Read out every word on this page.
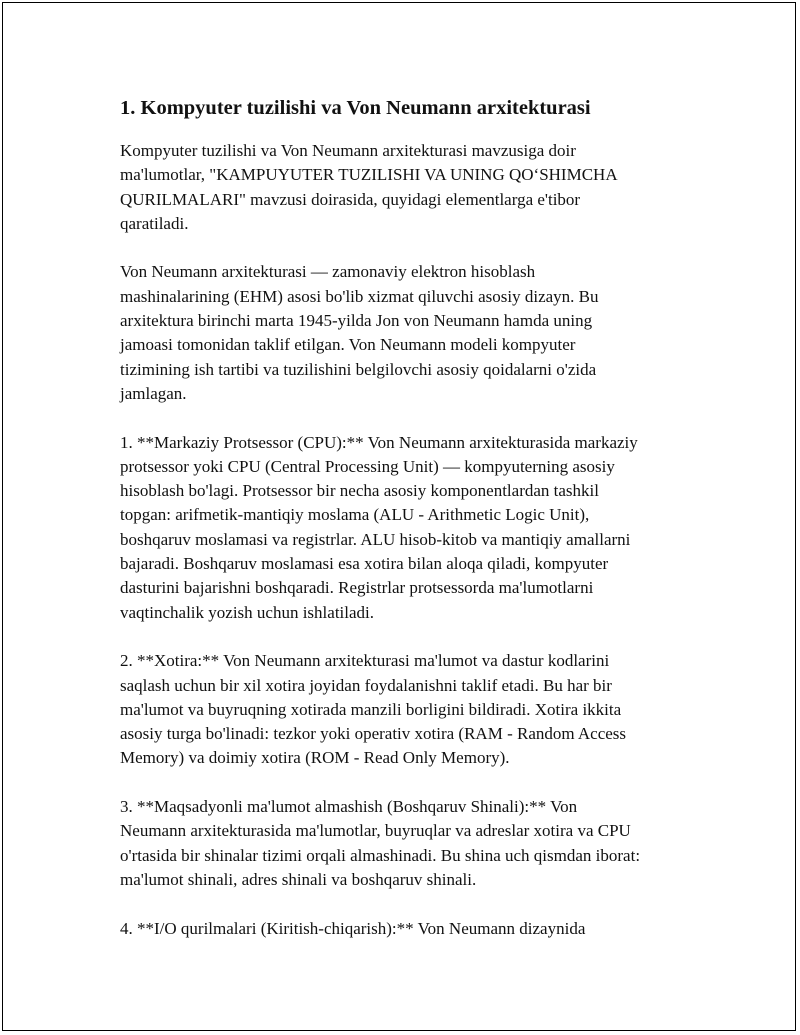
1. Kompyuter tuzilishi va Von Neumann arxitekturasi

Kompyuter tuzilishi va Von Neumann arxitekturasi mavzusiga doir
ma'lumotlar, "KAMPUYUTER TUZILISHI VA UNING QO‘SHIMCHA
QURILMALARI" mavzusi doirasida, quyidagi elementlarga e'tibor
qaratiladi.

Von Neumann arxitekturasi — zamonaviy elektron hisoblash
mashinalarining (EHM) asosi bo'lib xizmat qiluvchi asosiy dizayn. Bu
arxitektura birinchi marta 1945-yilda Jon von Neumann hamda uning
jamoasi tomonidan taklif etilgan. Von Neumann modeli kompyuter
tizimining ish tartibi va tuzilishini belgilovchi asosiy qoidalarni o'zida
jamlagan.

1. **Markaziy Protsessor (CPU):** Von Neumann arxitekturasida markaziy
protsessor yoki CPU (Central Processing Unit) — kompyuterning asosiy
hisoblash bo'lagi. Protsessor bir necha asosiy komponentlardan tashkil
topgan: arifmetik-mantiqiy moslama (ALU - Arithmetic Logic Unit),
boshqaruv moslamasi va registrlar. ALU hisob-kitob va mantiqiy amallarni
bajaradi. Boshqaruv moslamasi esa xotira bilan aloqa qiladi, kompyuter
dasturini bajarishni boshqaradi. Registrlar protsessorda ma'lumotlarni
vaqtinchalik yozish uchun ishlatiladi.

2. **Xotira:** Von Neumann arxitekturasi ma'lumot va dastur kodlarini
saqlash uchun bir xil xotira joyidan foydalanishni taklif etadi. Bu har bir
ma'lumot va buyruqning xotirada manzili borligini bildiradi. Xotira ikkita
asosiy turga bo'linadi: tezkor yoki operativ xotira (RAM - Random Access
Memory) va doimiy xotira (ROM - Read Only Memory).

3. **Maqsadyonli ma'lumot almashish (Boshqaruv Shinali):** Von
Neumann arxitekturasida ma'lumotlar, buyruqlar va adreslar xotira va CPU
o'rtasida bir shinalar tizimi orqali almashinadi. Bu shina uch qismdan iborat:
ma'lumot shinali, adres shinali va boshqaruv shinali.

4. **I/O qurilmalari (Kiritish-chiqarish):** Von Neumann dizaynida
